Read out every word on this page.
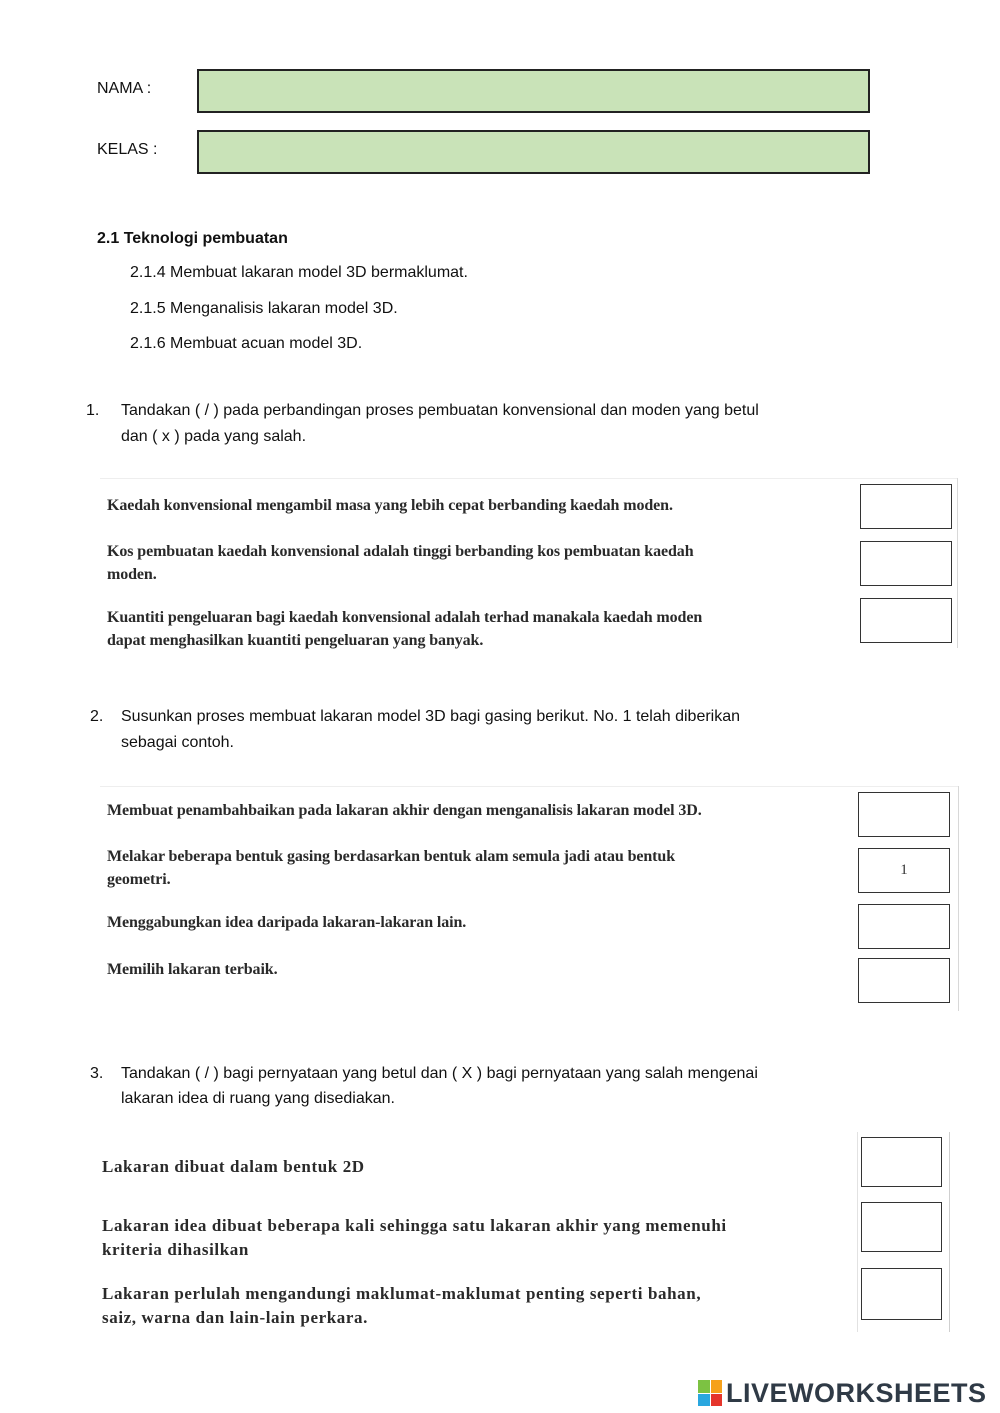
NAMA :
KELAS :
2.1 Teknologi pembuatan
2.1.4 Membuat lakaran model 3D bermaklumat.
2.1.5 Menganalisis lakaran model 3D.
2.1.6 Membuat acuan model 3D.
1. Tandakan ( / ) pada perbandingan proses pembuatan konvensional dan moden yang betul
dan ( x ) pada yang salah.
Kaedah konvensional mengambil masa yang lebih cepat berbanding kaedah moden.
Kos pembuatan kaedah konvensional adalah tinggi berbanding kos pembuatan kaedah
moden.
Kuantiti pengeluaran bagi kaedah konvensional adalah terhad manakala kaedah moden
dapat menghasilkan kuantiti pengeluaran yang banyak.
2. Susunkan proses membuat lakaran model 3D bagi gasing berikut. No. 1 telah diberikan
sebagai contoh.
Membuat penambahbaikan pada lakaran akhir dengan menganalisis lakaran model 3D.
Melakar beberapa bentuk gasing berdasarkan bentuk alam semula jadi atau bentuk
geometri.
1
Menggabungkan idea daripada lakaran-lakaran lain.
Memilih lakaran terbaik.
3. Tandakan ( / ) bagi pernyataan yang betul dan ( X ) bagi pernyataan yang salah mengenai
lakaran idea di ruang yang disediakan.
Lakaran dibuat dalam bentuk 2D
Lakaran idea dibuat beberapa kali sehingga satu lakaran akhir yang memenuhi
kriteria dihasilkan
Lakaran perlulah mengandungi maklumat-maklumat penting seperti bahan,
saiz, warna dan lain-lain perkara.
LIVEWORKSHEETS
